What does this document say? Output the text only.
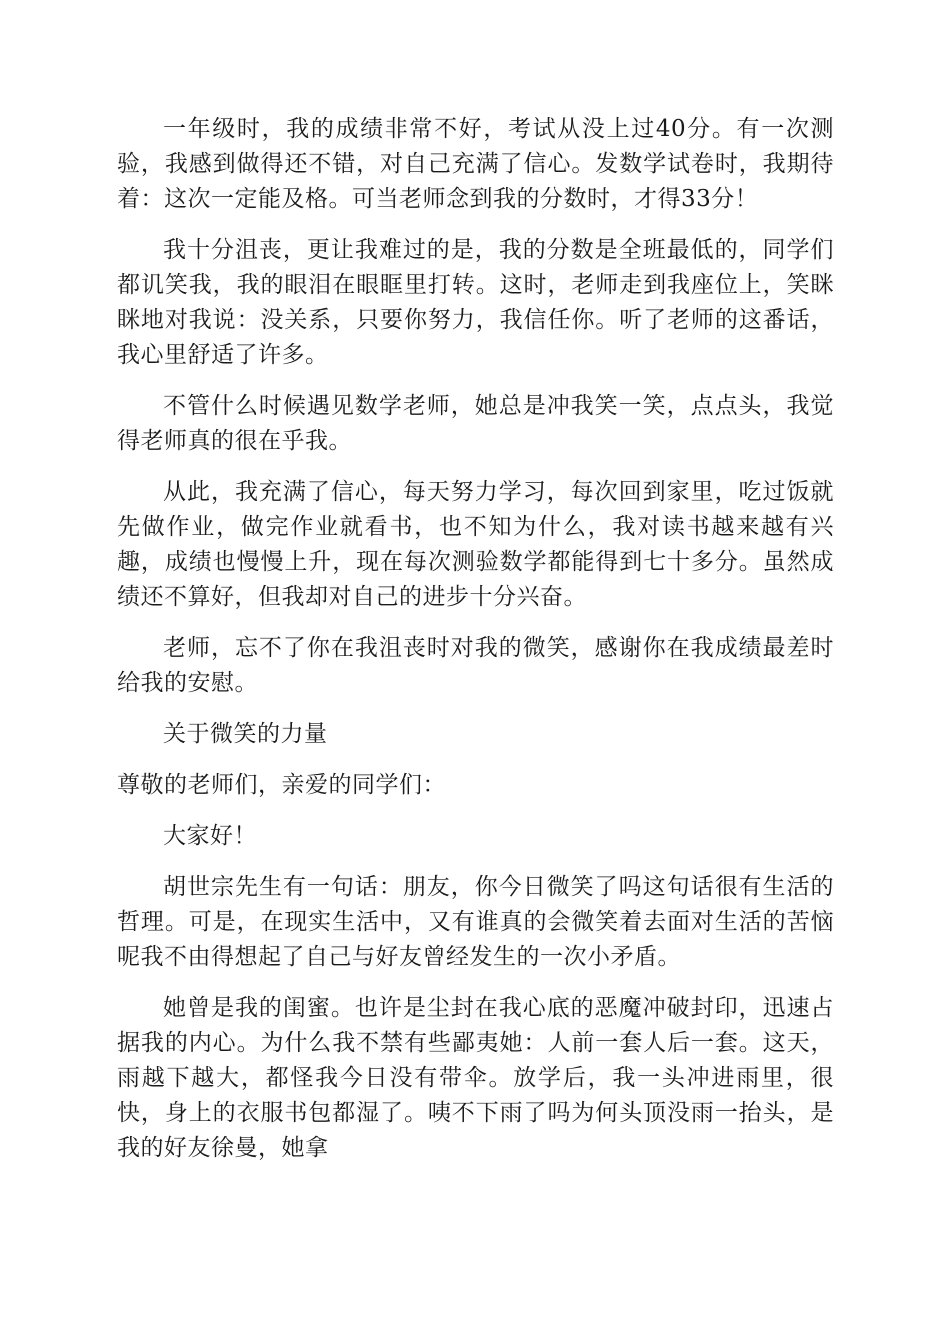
一年级时，我的成绩非常不好，考试从没上过40分。有一次测验，我感到做得还不错，对自己充满了信心。发数学试卷时，我期待着：这次一定能及格。可当老师念到我的分数时，才得33分！

我十分沮丧，更让我难过的是，我的分数是全班最低的，同学们都讥笑我，我的眼泪在眼眶里打转。这时，老师走到我座位上，笑眯眯地对我说：没关系，只要你努力，我信任你。听了老师的这番话，我心里舒适了许多。

不管什么时候遇见数学老师，她总是冲我笑一笑，点点头，我觉得老师真的很在乎我。

从此，我充满了信心，每天努力学习，每次回到家里，吃过饭就先做作业，做完作业就看书，也不知为什么，我对读书越来越有兴趣，成绩也慢慢上升，现在每次测验数学都能得到七十多分。虽然成绩还不算好，但我却对自己的进步十分兴奋。

老师，忘不了你在我沮丧时对我的微笑，感谢你在我成绩最差时给我的安慰。

关于微笑的力量

尊敬的老师们，亲爱的同学们：

大家好！

胡世宗先生有一句话：朋友，你今日微笑了吗这句话很有生活的哲理。可是，在现实生活中，又有谁真的会微笑着去面对生活的苦恼呢我不由得想起了自己与好友曾经发生的一次小矛盾。

她曾是我的闺蜜。也许是尘封在我心底的恶魔冲破封印，迅速占据我的内心。为什么我不禁有些鄙夷她：人前一套人后一套。这天，雨越下越大，都怪我今日没有带伞。放学后，我一头冲进雨里，很快，身上的衣服书包都湿了。咦不下雨了吗为何头顶没雨一抬头，是我的好友徐曼，她拿
